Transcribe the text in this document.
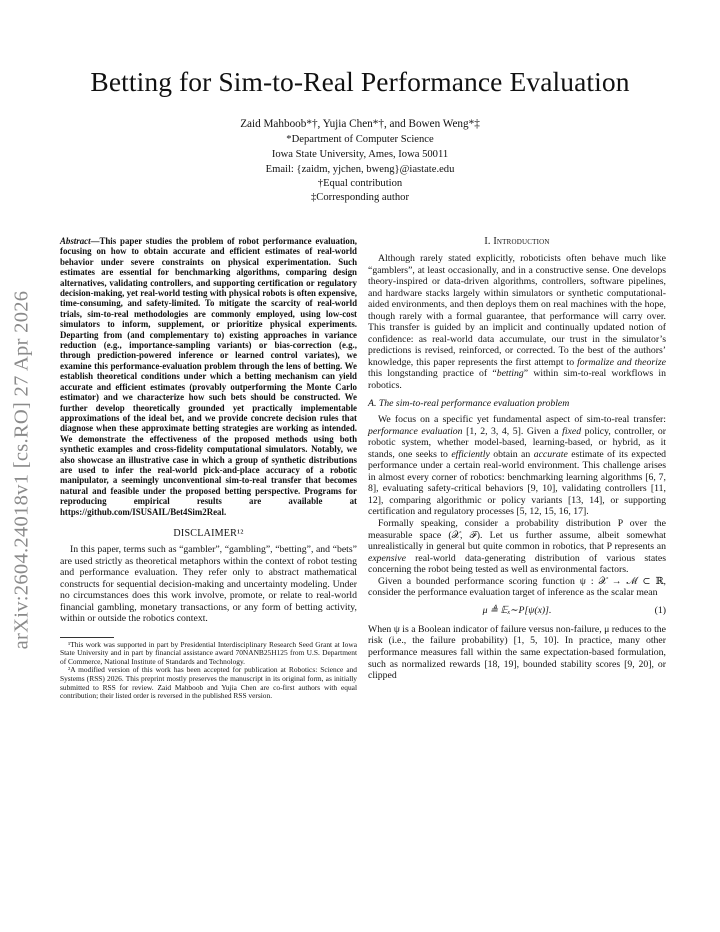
arXiv:2604.24018v1 [cs.RO] 27 Apr 2026
Betting for Sim-to-Real Performance Evaluation
Zaid Mahboob*†, Yujia Chen*†, and Bowen Weng*‡
*Department of Computer Science
Iowa State University, Ames, Iowa 50011
Email: {zaidm, yjchen, bweng}@iastate.edu
†Equal contribution
‡Corresponding author

Abstract—This paper studies the problem of robot performance evaluation, focusing on how to obtain accurate and efficient estimates of real-world behavior under severe constraints on physical experimentation. Such estimates are essential for benchmarking algorithms, comparing design alternatives, validating controllers, and supporting certification or regulatory decision-making, yet real-world testing with physical robots is often expensive, time-consuming, and safety-limited. To mitigate the scarcity of real-world trials, sim-to-real methodologies are commonly employed, using low-cost simulators to inform, supplement, or prioritize physical experiments. Departing from (and complementary to) existing approaches in variance reduction (e.g., importance-sampling variants) or bias-correction (e.g., through prediction-powered inference or learned control variates), we examine this performance-evaluation problem through the lens of betting. We establish theoretical conditions under which a betting mechanism can yield accurate and efficient estimates (provably outperforming the Monte Carlo estimator) and we characterize how such bets should be constructed. We further develop theoretically grounded yet practically implementable approximations of the ideal bet, and we provide concrete decision rules that diagnose when these approximate betting strategies are working as intended. We demonstrate the effectiveness of the proposed methods using both synthetic examples and cross-fidelity computational simulators. Notably, we also showcase an illustrative case in which a group of synthetic distributions are used to infer the real-world pick-and-place accuracy of a robotic manipulator, a seemingly unconventional sim-to-real transfer that becomes natural and feasible under the proposed betting perspective. Programs for reproducing empirical results are available at https://github.com/ISUSAIL/Bet4Sim2Real.

DISCLAIMER¹²

In this paper, terms such as “gambler”, “gambling”, “betting”, and “bets” are used strictly as theoretical metaphors within the context of robot testing and performance evaluation. They refer only to abstract mathematical constructs for sequential decision-making and uncertainty modeling. Under no circumstances does this work involve, promote, or relate to real-world financial gambling, monetary transactions, or any form of betting activity, within or outside the robotics context.

¹This work was supported in part by Presidential Interdisciplinary Research Seed Grant at Iowa State University and in part by financial assistance award 70NANB25H125 from U.S. Department of Commerce, National Institute of Standards and Technology.

²A modified version of this work has been accepted for publication at Robotics: Science and Systems (RSS) 2026. This preprint mostly preserves the manuscript in its original form, as initially submitted to RSS for review. Zaid Mahboob and Yujia Chen are co-first authors with equal contribution; their listed order is reversed in the published RSS version.

I. Introduction

Although rarely stated explicitly, roboticists often behave much like “gamblers”, at least occasionally, and in a constructive sense. One develops theory-inspired or data-driven algorithms, controllers, software pipelines, and hardware stacks largely within simulators or synthetic computational-aided environments, and then deploys them on real machines with the hope, though rarely with a formal guarantee, that performance will carry over. This transfer is guided by an implicit and continually updated notion of confidence: as real-world data accumulate, our trust in the simulator’s predictions is revised, reinforced, or corrected. To the best of the authors’ knowledge, this paper represents the first attempt to formalize and theorize this longstanding practice of “betting” within sim-to-real workflows in robotics.

A. The sim-to-real performance evaluation problem

We focus on a specific yet fundamental aspect of sim-to-real transfer: performance evaluation [1, 2, 3, 4, 5]. Given a fixed policy, controller, or robotic system, whether model-based, learning-based, or hybrid, as it stands, one seeks to efficiently obtain an accurate estimate of its expected performance under a certain real-world environment. This challenge arises in almost every corner of robotics: benchmarking learning algorithms [6, 7, 8], evaluating safety-critical behaviors [9, 10], validating controllers [11, 12], comparing algorithmic or policy variants [13, 14], or supporting certification and regulatory processes [5, 12, 15, 16, 17].

Formally speaking, consider a probability distribution P over the measurable space (𝒳, ℱ). Let us further assume, albeit somewhat unrealistically in general but quite common in robotics, that P represents an expensive real-world data-generating distribution of various states concerning the robot being tested as well as environmental factors.

Given a bounded performance scoring function ψ : 𝒳 → ℳ ⊂ ℝ, consider the performance evaluation target of inference as the scalar mean

μ ≜ 𝔼ₓ∼P[ψ(x)].	(1)

When ψ is a Boolean indicator of failure versus non-failure, μ reduces to the risk (i.e., the failure probability) [1, 5, 10]. In practice, many other performance measures fall within the same expectation-based formulation, such as normalized rewards [18, 19], bounded stability scores [9, 20], or clipped
